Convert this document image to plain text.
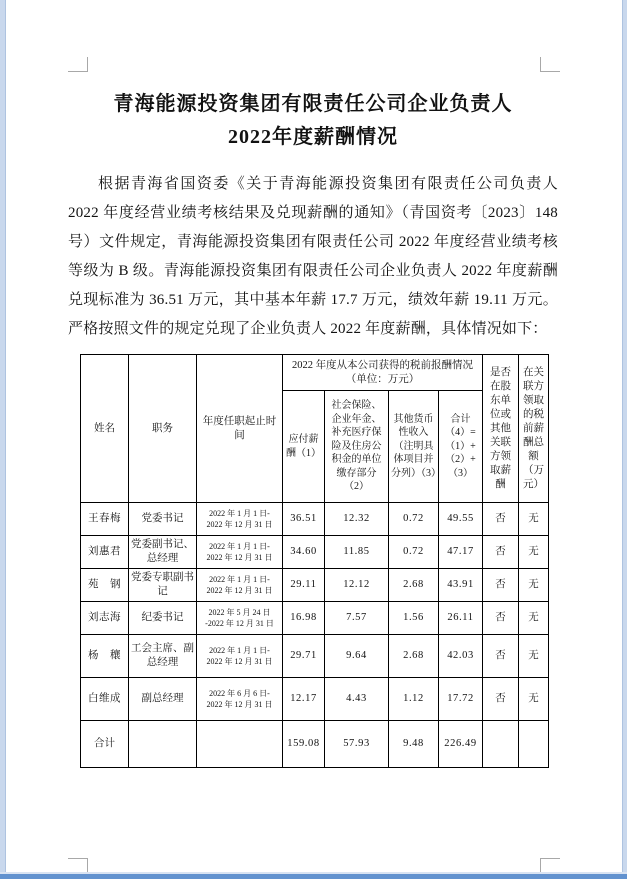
青海能源投资集团有限责任公司企业负责人
2022年度薪酬情况

根据青海省国资委《关于青海能源投资集团有限责任公司负责人 2022 年度经营业绩考核结果及兑现薪酬的通知》（青国资考〔2023〕148 号）文件规定，青海能源投资集团有限责任公司 2022 年度经营业绩考核等级为 B 级。青海能源投资集团有限责任公司企业负责人 2022 年度薪酬兑现标准为 36.51 万元，其中基本年薪 17.7 万元，绩效年薪 19.11 万元。严格按照文件的规定兑现了企业负责人 2022 年度薪酬，具体情况如下：

姓名	职务	年度任职起止时间	2022 年度从本公司获得的税前报酬情况
（单位：万元）				是否在股东单位或其他关联方领取薪酬	在关联方领取的税前薪酬总额（万元）
			应付薪酬（1）	社会保险、企业年金、补充医疗保险及住房公积金的单位缴存部分（2）	其他货币性收入（注明具体项目并分列）（3）	合计（4）=（1）+（2）+（3）		
王春梅	党委书记	2022 年 1 月 1 日-
2022 年 12 月 31 日	36.51	12.32	0.72	49.55	否	无
刘惠君	党委副书记、总经理	2022 年 1 月 1 日-
2022 年 12 月 31 日	34.60	11.85	0.72	47.17	否	无
苑　钢	党委专职副书记	2022 年 1 月 1 日-
2022 年 12 月 31 日	29.11	12.12	2.68	43.91	否	无
刘志海	纪委书记	2022 年 5 月 24 日
-2022 年 12 月 31 日	16.98	7.57	1.56	26.11	否	无
杨　穰	工会主席、副总经理	2022 年 1 月 1 日-
2022 年 12 月 31 日	29.71	9.64	2.68	42.03	否	无
白维成	副总经理	2022 年 6 月 6 日-
2022 年 12 月 31 日	12.17	4.43	1.12	17.72	否	无
合计			159.08	57.93	9.48	226.49		
